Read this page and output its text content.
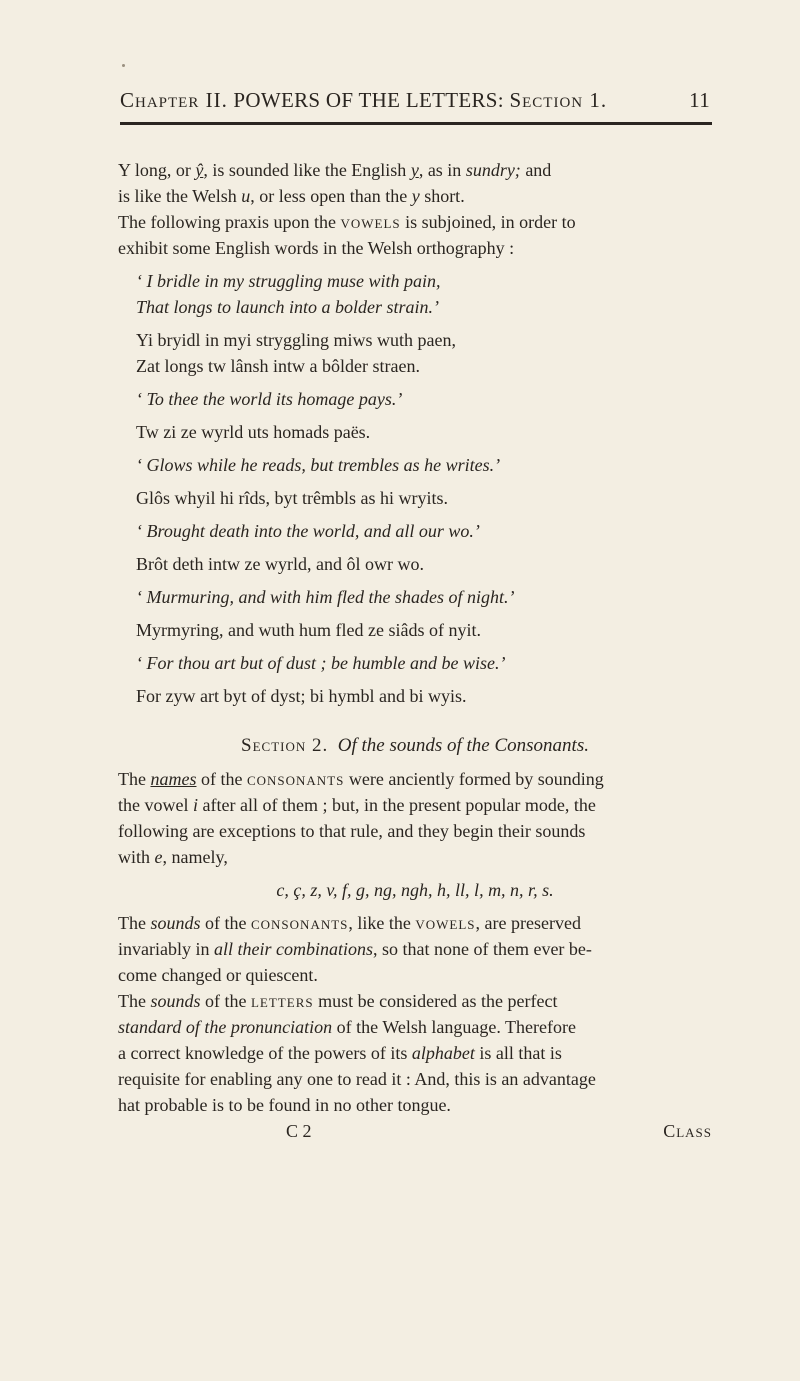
Chapter II. POWERS OF THE LETTERS: Section 1.	11

Y long, or ŷ, is sounded like the English y, as in sundry; and

is like the Welsh u, or less open than the y short.

The following praxis upon the vowels is subjoined, in order to

exhibit some English words in the Welsh orthography :

‘ I bridle in my struggling muse with pain,

That longs to launch into a bolder strain.’

Yi bryidl in myi stryggling miws wuth paen,

Zat longs tw lânsh intw a bôlder straen.

‘ To thee the world its homage pays.’

Tw zi ze wyrld uts homads paës.

‘ Glows while he reads, but trembles as he writes.’

Glôs whyil hi rîds, byt trêmbls as hi wryits.

‘ Brought death into the world, and all our wo.’

Brôt deth intw ze wyrld, and ôl owr wo.

‘ Murmuring, and with him fled the shades of night.’

Myrmyring, and wuth hum fled ze siâds of nyit.

‘ For thou art but of dust ; be humble and be wise.’

For zyw art byt of dyst; bi hymbl and bi wyis.

Section 2. Of the sounds of the Consonants.

The names of the consonants were anciently formed by sounding

the vowel i after all of them ; but, in the present popular mode, the

following are exceptions to that rule, and they begin their sounds

with e, namely,

c, ç, z, v, f, g, ng, ngh, h, ll, l, m, n, r, s.

The sounds of the consonants, like the vowels, are preserved

invariably in all their combinations, so that none of them ever be-

come changed or quiescent.

The sounds of the letters must be considered as the perfect

standard of the pronunciation of the Welsh language. Therefore

a correct knowledge of the powers of its alphabet is all that is

requisite for enabling any one to read it : And, this is an advantage

hat probable is to be found in no other tongue.

C 2	Class
